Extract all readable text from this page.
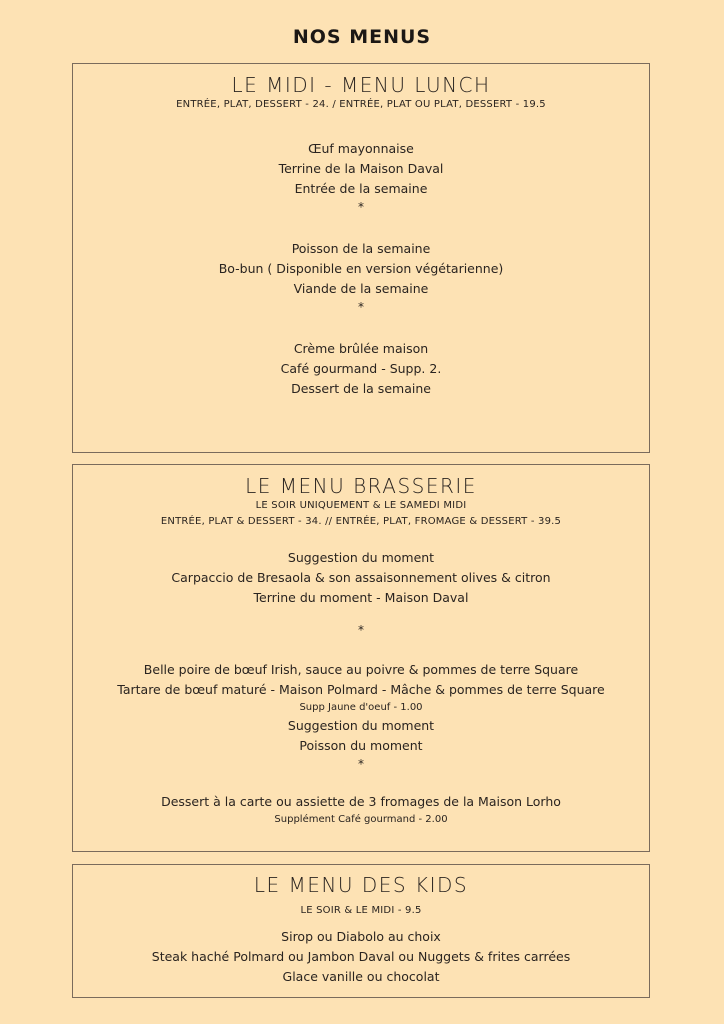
NOS MENUS
LE MIDI - MENU LUNCH
ENTRÉE, PLAT, DESSERT - 24. / ENTRÉE, PLAT OU PLAT, DESSERT - 19.5
Œuf mayonnaise
Terrine de la Maison Daval
Entrée de la semaine
*
Poisson de la semaine
Bo-bun ( Disponible en version végétarienne)
Viande de la semaine
*
Crème brûlée maison
Café gourmand - Supp. 2.
Dessert de la semaine
LE MENU BRASSERIE
LE SOIR UNIQUEMENT & LE SAMEDI MIDI
ENTRÉE, PLAT & DESSERT - 34. // ENTRÉE, PLAT, FROMAGE & DESSERT - 39.5
Suggestion du moment
Carpaccio de Bresaola & son assaisonnement olives & citron
Terrine du moment - Maison Daval
*
Belle poire de bœuf Irish, sauce au poivre & pommes de terre Square
Tartare de bœuf maturé - Maison Polmard - Mâche & pommes de terre Square
Supp Jaune d'oeuf - 1.00
Suggestion du moment
Poisson du moment
*
Dessert à la carte ou assiette de 3 fromages de la Maison Lorho
Supplément Café gourmand - 2.00
LE MENU DES KIDS
LE SOIR & LE MIDI - 9.5
Sirop ou Diabolo au choix
Steak haché Polmard ou Jambon Daval ou Nuggets & frites carrées
Glace vanille ou chocolat
